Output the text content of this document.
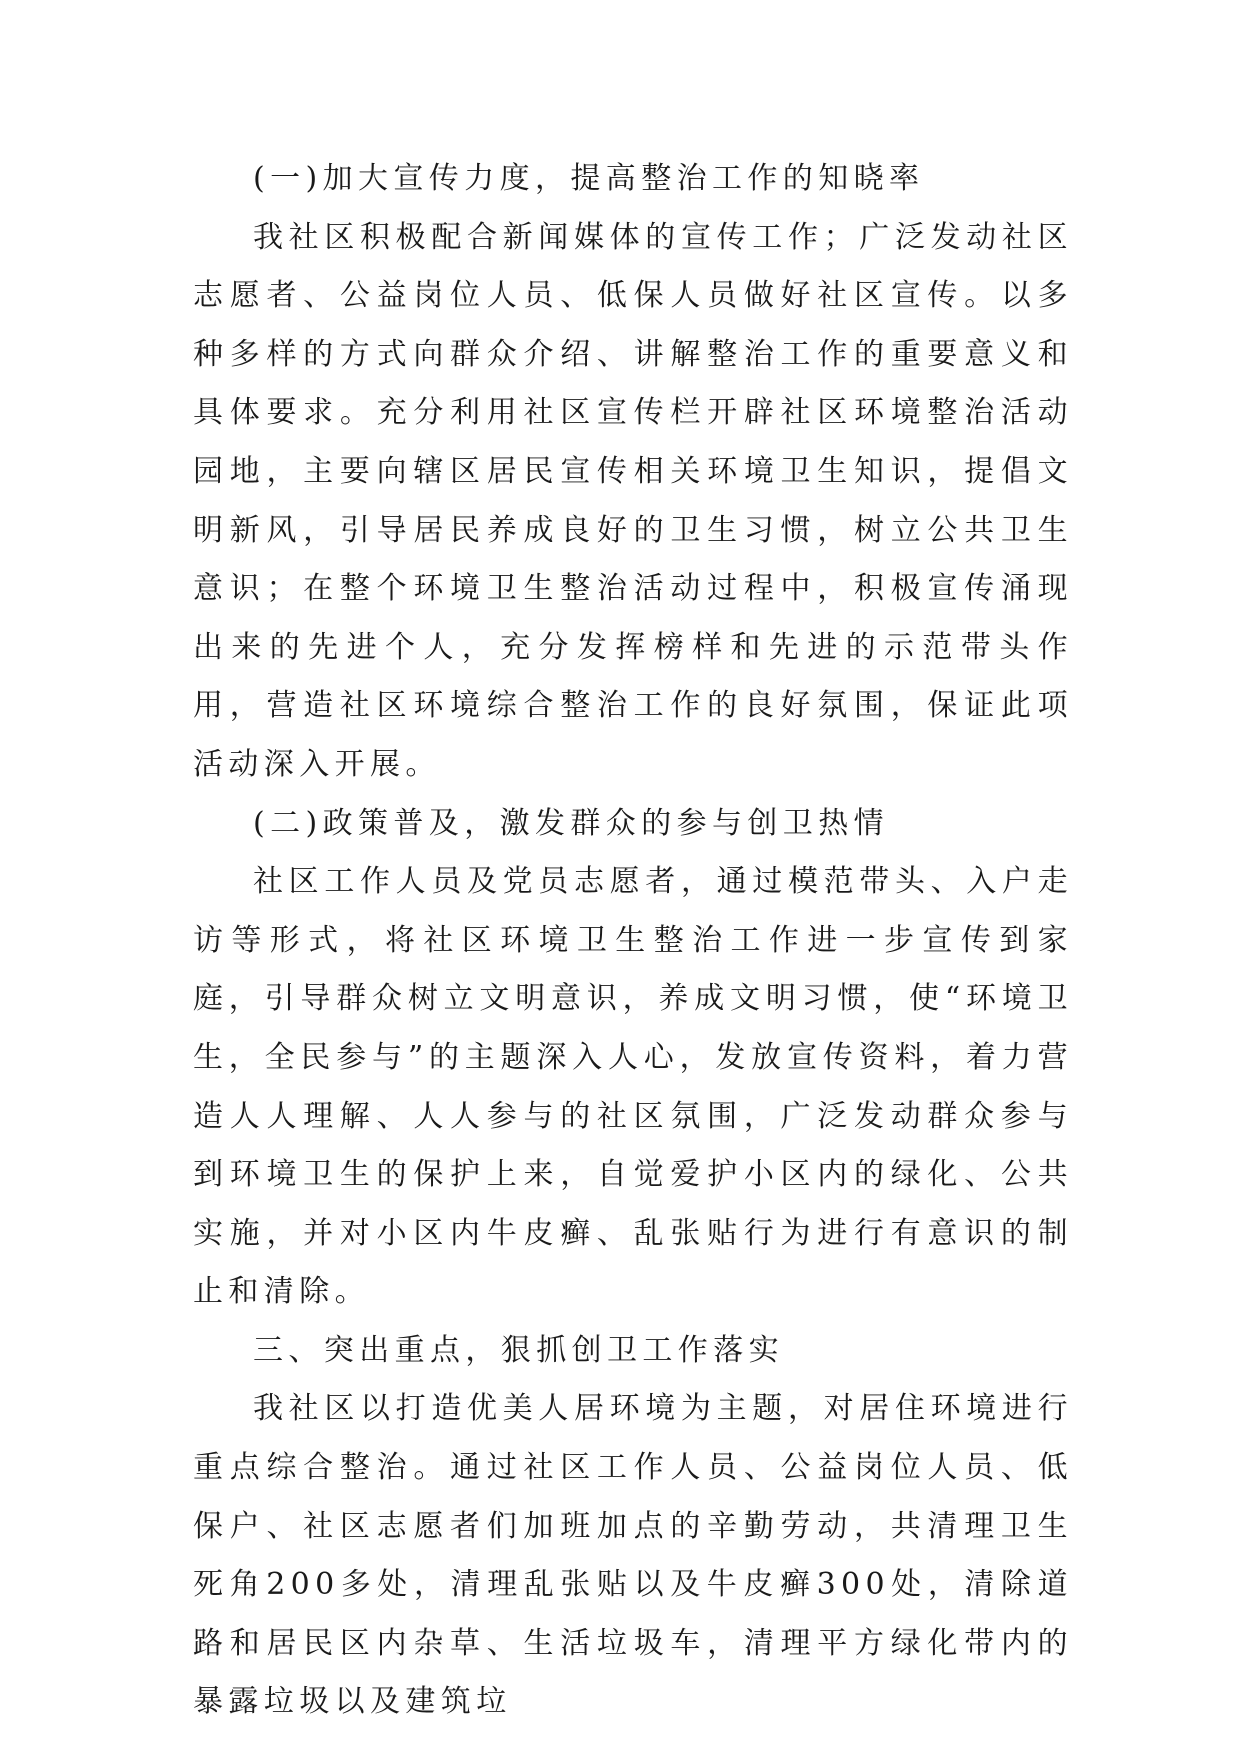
(一)加大宣传力度，提高整治工作的知晓率

我社区积极配合新闻媒体的宣传工作；广泛发动社区志愿者、公益岗位人员、低保人员做好社区宣传。以多种多样的方式向群众介绍、讲解整治工作的重要意义和具体要求。充分利用社区宣传栏开辟社区环境整治活动园地，主要向辖区居民宣传相关环境卫生知识，提倡文明新风，引导居民养成良好的卫生习惯，树立公共卫生意识；在整个环境卫生整治活动过程中，积极宣传涌现出来的先进个人，充分发挥榜样和先进的示范带头作用，营造社区环境综合整治工作的良好氛围，保证此项活动深入开展。

(二)政策普及，激发群众的参与创卫热情

社区工作人员及党员志愿者，通过模范带头、入户走访等形式，将社区环境卫生整治工作进一步宣传到家庭，引导群众树立文明意识，养成文明习惯，使“环境卫生，全民参与”的主题深入人心，发放宣传资料，着力营造人人理解、人人参与的社区氛围，广泛发动群众参与到环境卫生的保护上来，自觉爱护小区内的绿化、公共实施，并对小区内牛皮癣、乱张贴行为进行有意识的制止和清除。

三、突出重点，狠抓创卫工作落实

我社区以打造优美人居环境为主题，对居住环境进行重点综合整治。通过社区工作人员、公益岗位人员、低保户、社区志愿者们加班加点的辛勤劳动，共清理卫生死角200多处，清理乱张贴以及牛皮癣300处，清除道路和居民区内杂草、生活垃圾车，清理平方绿化带内的暴露垃圾以及建筑垃
